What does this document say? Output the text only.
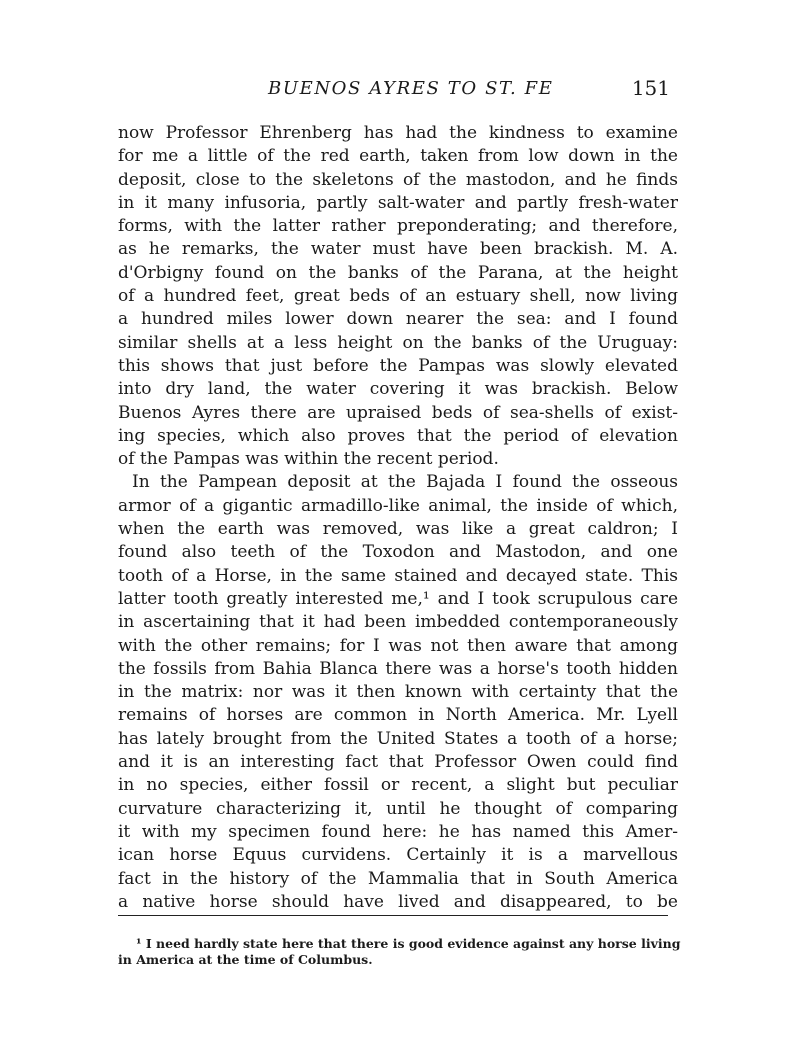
BUENOS AYRES TO ST. FE	151
now Professor Ehrenberg has had the kindness to examine
for me a little of the red earth, taken from low down in the
deposit, close to the skeletons of the mastodon, and he finds
in it many infusoria, partly salt-water and partly fresh-water
forms, with the latter rather preponderating; and therefore,
as he remarks, the water must have been brackish. M. A.
d'Orbigny found on the banks of the Parana, at the height
of a hundred feet, great beds of an estuary shell, now living
a hundred miles lower down nearer the sea: and I found
similar shells at a less height on the banks of the Uruguay:
this shows that just before the Pampas was slowly elevated
into dry land, the water covering it was brackish. Below
Buenos Ayres there are upraised beds of sea-shells of exist-
ing species, which also proves that the period of elevation
of the Pampas was within the recent period.
In the Pampean deposit at the Bajada I found the osseous
armor of a gigantic armadillo-like animal, the inside of which,
when the earth was removed, was like a great caldron; I
found also teeth of the Toxodon and Mastodon, and one
tooth of a Horse, in the same stained and decayed state. This
latter tooth greatly interested me,¹ and I took scrupulous care
in ascertaining that it had been imbedded contemporaneously
with the other remains; for I was not then aware that among
the fossils from Bahia Blanca there was a horse's tooth hidden
in the matrix: nor was it then known with certainty that the
remains of horses are common in North America. Mr. Lyell
has lately brought from the United States a tooth of a horse;
and it is an interesting fact that Professor Owen could find
in no species, either fossil or recent, a slight but peculiar
curvature characterizing it, until he thought of comparing
it with my specimen found here: he has named this Amer-
ican horse Equus curvidens. Certainly it is a marvellous
fact in the history of the Mammalia that in South America
a native horse should have lived and disappeared, to be
¹ I need hardly state here that there is good evidence against any horse living
in America at the time of Columbus.
